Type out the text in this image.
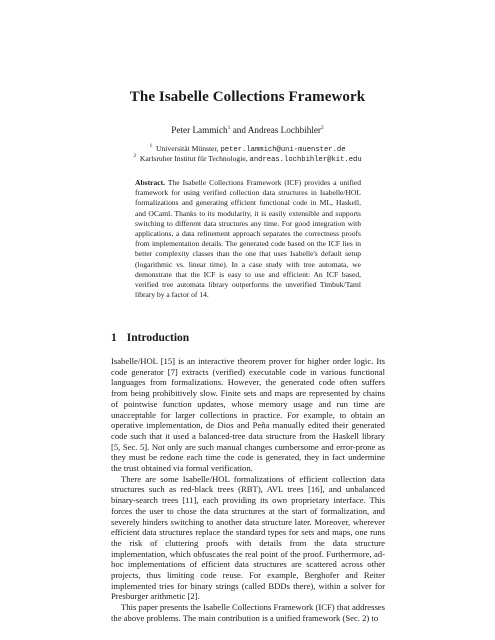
The Isabelle Collections Framework
Peter Lammich$^1$ and Andreas Lochbihler$^2$
$^1$ Universität Münster, peter.lammich@uni-muenster.de
$^2$ Karlsruher Institut für Technologie, andreas.lochbihler@kit.edu
Abstract. The Isabelle Collections Framework (ICF) provides a unified framework for using verified collection data structures in Isabelle/HOL formalizations and generating efficient functional code in ML, Haskell, and OCaml. Thanks to its modularity, it is easily extensible and supports switching to different data structures any time. For good integration with applications, a data refinement approach separates the correctness proofs from implementation details. The generated code based on the ICF lies in better complexity classes than the one that uses Isabelle's default setup (logarithmic vs. linear time). In a case study with tree automata, we demonstrate that the ICF is easy to use and efficient: An ICF based, verified tree automata library outperforms the unverified Timbuk/Taml library by a factor of 14.
1 Introduction

Isabelle/HOL [15] is an interactive theorem prover for higher order logic. Its code generator [7] extracts (verified) executable code in various functional languages from formalizations. However, the generated code often suffers from being prohibitively slow. Finite sets and maps are represented by chains of pointwise function updates, whose memory usage and run time are unacceptable for larger collections in practice. For example, to obtain an operative implementation, de Dios and Peña manually edited their generated code such that it used a balanced-tree data structure from the Haskell library [5, Sec. 5]. Not only are such manual changes cumbersome and error-prone as they must be redone each time the code is generated, they in fact undermine the trust obtained via formal verification.

There are some Isabelle/HOL formalizations of efficient collection data structures such as red-black trees (RBT), AVL trees [16], and unbalanced binary-search trees [11], each providing its own proprietary interface. This forces the user to chose the data structures at the start of formalization, and severely hinders switching to another data structure later. Moreover, wherever efficient data structures replace the standard types for sets and maps, one runs the risk of cluttering proofs with details from the data structure implementation, which obfuscates the real point of the proof. Furthermore, ad-hoc implementations of efficient data structures are scattered across other projects, thus limiting code reuse. For example, Berghofer and Reiter implemented tries for binary strings (called BDDs there), within a solver for Presburger arithmetic [2].

This paper presents the Isabelle Collections Framework (ICF) that addresses the above problems. The main contribution is a unified framework (Sec. 2) to
